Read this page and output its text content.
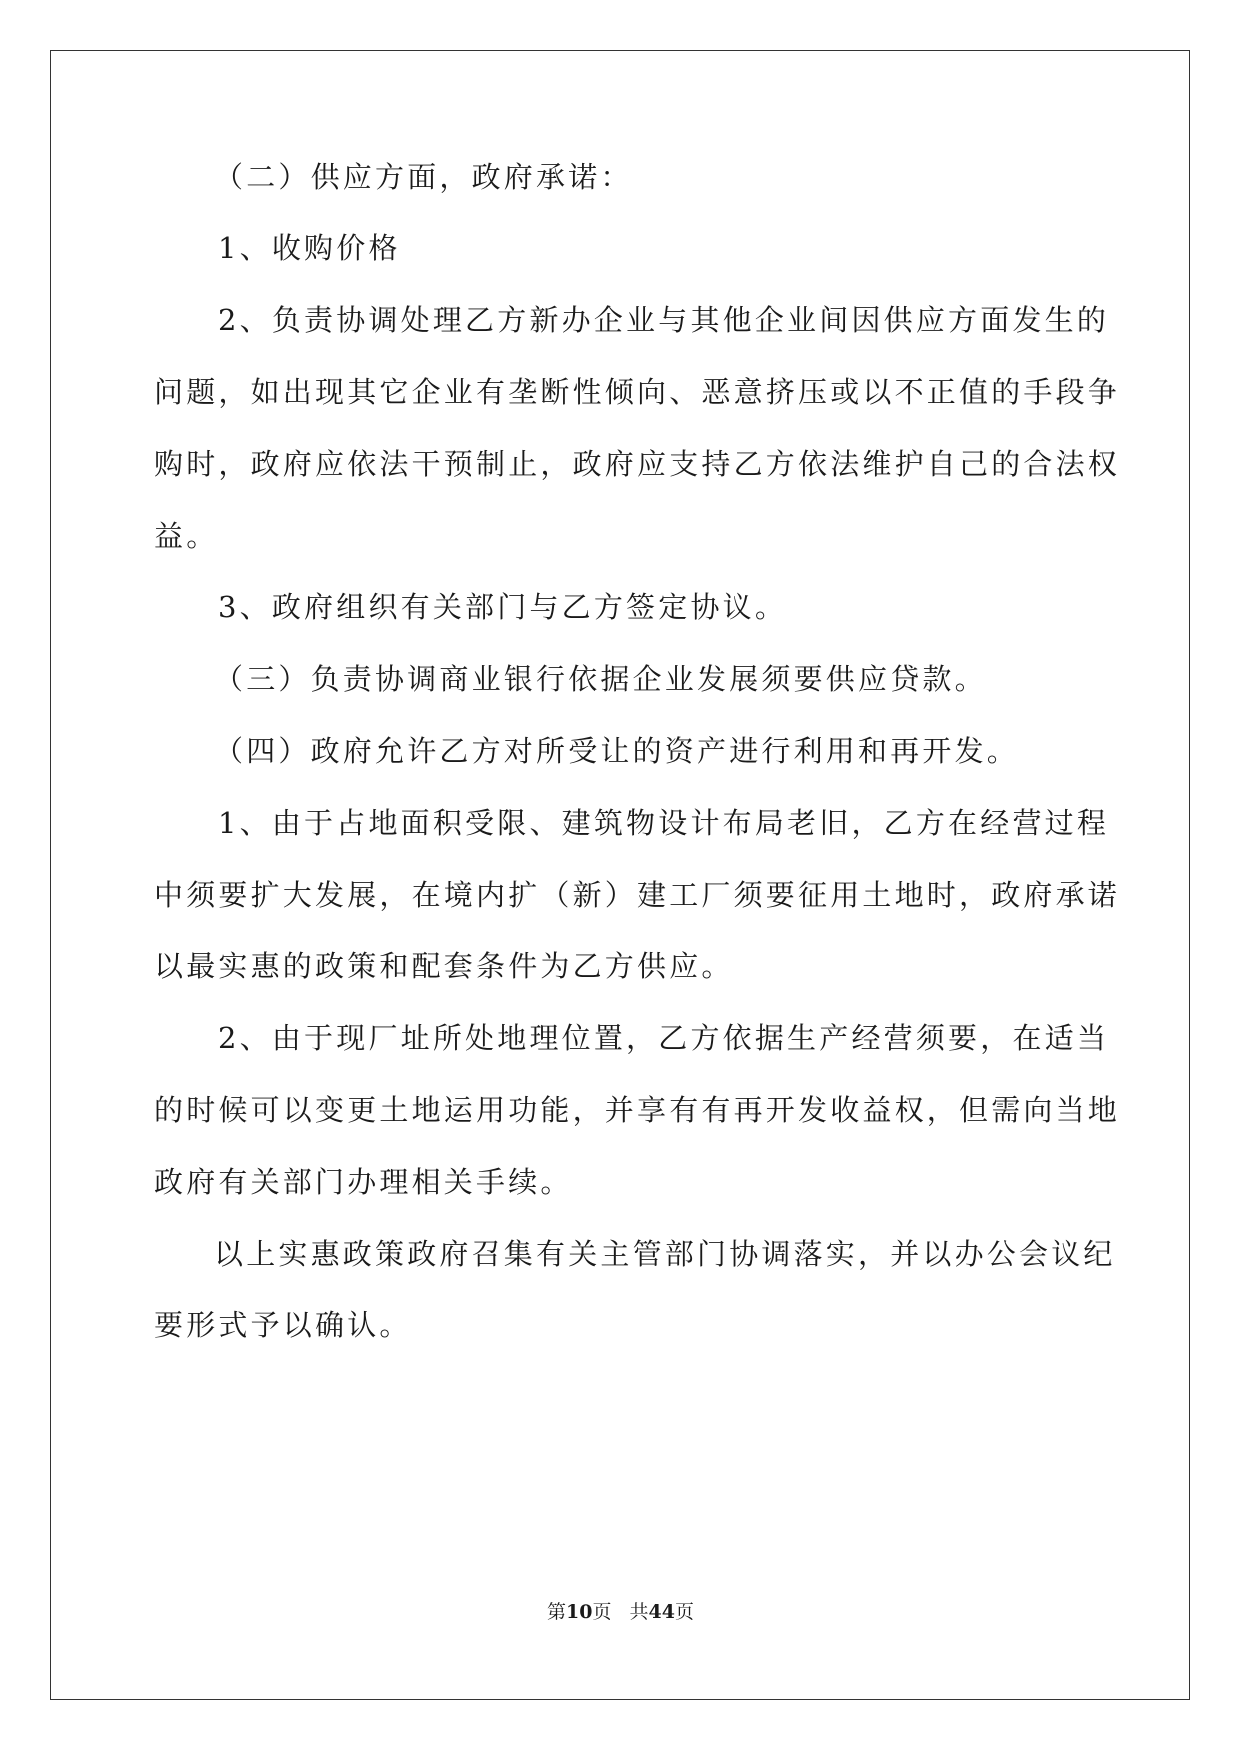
（二）供应方面，政府承诺：
1、收购价格
2、负责协调处理乙方新办企业与其他企业间因供应方面发生的
问题，如出现其它企业有垄断性倾向、恶意挤压或以不正值的手段争
购时，政府应依法干预制止，政府应支持乙方依法维护自己的合法权
益。
3、政府组织有关部门与乙方签定协议。
（三）负责协调商业银行依据企业发展须要供应贷款。
（四）政府允许乙方对所受让的资产进行利用和再开发。
1、由于占地面积受限、建筑物设计布局老旧，乙方在经营过程
中须要扩大发展，在境内扩（新）建工厂须要征用土地时，政府承诺
以最实惠的政策和配套条件为乙方供应。
2、由于现厂址所处地理位置，乙方依据生产经营须要，在适当
的时候可以变更土地运用功能，并享有有再开发收益权，但需向当地
政府有关部门办理相关手续。
以上实惠政策政府召集有关主管部门协调落实，并以办公会议纪
要形式予以确认。
第10页 共44页
